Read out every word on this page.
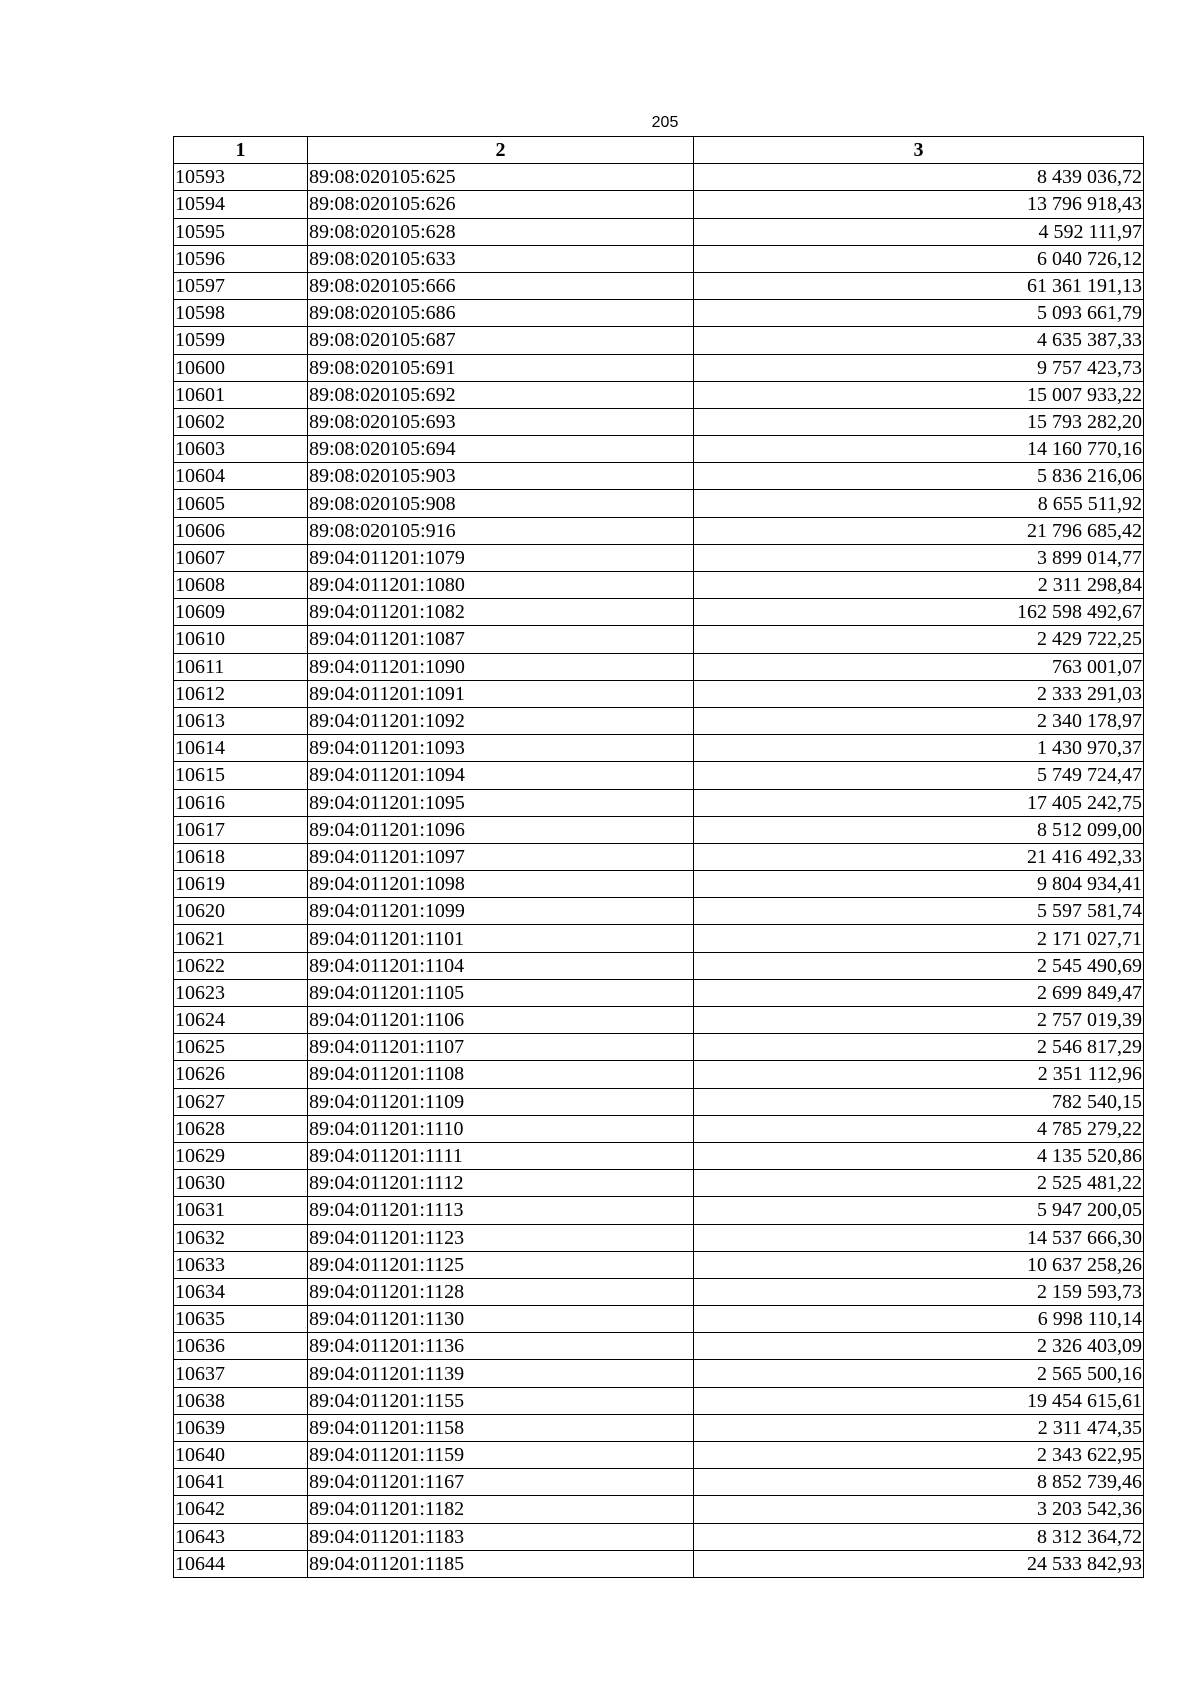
205
1	2	3
10593	89:08:020105:625	8 439 036,72
10594	89:08:020105:626	13 796 918,43
10595	89:08:020105:628	4 592 111,97
10596	89:08:020105:633	6 040 726,12
10597	89:08:020105:666	61 361 191,13
10598	89:08:020105:686	5 093 661,79
10599	89:08:020105:687	4 635 387,33
10600	89:08:020105:691	9 757 423,73
10601	89:08:020105:692	15 007 933,22
10602	89:08:020105:693	15 793 282,20
10603	89:08:020105:694	14 160 770,16
10604	89:08:020105:903	5 836 216,06
10605	89:08:020105:908	8 655 511,92
10606	89:08:020105:916	21 796 685,42
10607	89:04:011201:1079	3 899 014,77
10608	89:04:011201:1080	2 311 298,84
10609	89:04:011201:1082	162 598 492,67
10610	89:04:011201:1087	2 429 722,25
10611	89:04:011201:1090	763 001,07
10612	89:04:011201:1091	2 333 291,03
10613	89:04:011201:1092	2 340 178,97
10614	89:04:011201:1093	1 430 970,37
10615	89:04:011201:1094	5 749 724,47
10616	89:04:011201:1095	17 405 242,75
10617	89:04:011201:1096	8 512 099,00
10618	89:04:011201:1097	21 416 492,33
10619	89:04:011201:1098	9 804 934,41
10620	89:04:011201:1099	5 597 581,74
10621	89:04:011201:1101	2 171 027,71
10622	89:04:011201:1104	2 545 490,69
10623	89:04:011201:1105	2 699 849,47
10624	89:04:011201:1106	2 757 019,39
10625	89:04:011201:1107	2 546 817,29
10626	89:04:011201:1108	2 351 112,96
10627	89:04:011201:1109	782 540,15
10628	89:04:011201:1110	4 785 279,22
10629	89:04:011201:1111	4 135 520,86
10630	89:04:011201:1112	2 525 481,22
10631	89:04:011201:1113	5 947 200,05
10632	89:04:011201:1123	14 537 666,30
10633	89:04:011201:1125	10 637 258,26
10634	89:04:011201:1128	2 159 593,73
10635	89:04:011201:1130	6 998 110,14
10636	89:04:011201:1136	2 326 403,09
10637	89:04:011201:1139	2 565 500,16
10638	89:04:011201:1155	19 454 615,61
10639	89:04:011201:1158	2 311 474,35
10640	89:04:011201:1159	2 343 622,95
10641	89:04:011201:1167	8 852 739,46
10642	89:04:011201:1182	3 203 542,36
10643	89:04:011201:1183	8 312 364,72
10644	89:04:011201:1185	24 533 842,93
